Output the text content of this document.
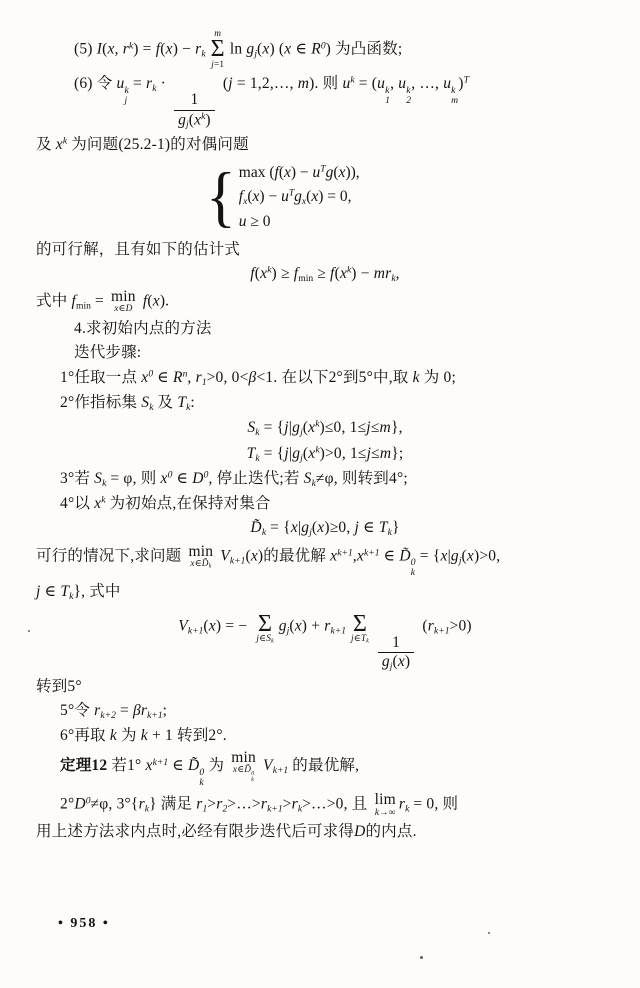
(5) I(x, $r^k) = f(x) - r_k$
m
Σ
j=1
$\ln g_j(x)$ (x ∈ $R^0$) 为凸函数;
(6) 令 u k
j
= $r_k$ ·
$\frac{1}{g_j(x^k)}$
(j = 1,2,…, m). 则 $u^k = (u$ k
1
, u k
2
, …, u k
m
)$^T$
及 $x^k$ 为问题(25.2-1)的对偶问题
{ $\max (f(x) - u^Tg(x))$,
$f_x(x) - u^Tg_x(x) = 0$,
u ≥ 0
的可行解，且有如下的估计式
$f(x^k) \ge f_{min} \ge f(x^k) - mr_k$,
式中 $f_{min} = \min$
x∈D f(x).
4.求初始内点的方法
迭代步骤:
1°任取一点 $x^0$ ∈ $R^n$, $r_1>0$, 0<β<1. 在以下2°到5°中,取 k 为 0;
2°作指标集 $S_k$ 及 $T_k$:
$S_k = \{j|g_j(x^k)\le 0$, 1≤j≤m},
$T_k = \{j|g_j(x^k)>0$, 1≤j≤m};
3°若 $S_k = \varphi$, 则 $x^0$ ∈ $D^0$, 停止迭代;若 $S_k\ne\varphi$, 则转到4°;
4°以 $x^k$ 为初始点,在保持对集合
$D̃_k = \{x|g_j(x)\ge 0$, j ∈ $T_k$}
可行的情况下,求问题 min
$x\in D̃_k$
$V_{k+1}(x)$的最优解 $x^{k+1},x^{k+1}$ ∈ D̃ 0
k
= {$x|g_j(x)>0$,
j ∈ $T_k$}, 式中
$V_{k+1}(x)$ = − Σ
$j\in S_k$
$g_j(x) + r_{k+1}$ Σ
$j\in T_k \frac{1}{g_j(x)}$
$(r_{k+1}>0)$
转到5°
5°令 $r_{k+2} = \beta r_{k+1}$;
6°再取 k 为 k + 1 转到2°.
定理12 若1° $x^{k+1}$ ∈ D̃ 0
k
为 min
x∈D̃ 0
k
$V_{k+1}$ 的最优解,
$2^\circ D^0\ne\varphi$, $3^\circ\{r_k\}$ 满足 $r_1>r_2>\dots>r_{k+1}>r_k>\dots>0$, 且 lim
k→∞ $r_k = 0$, 则
用上述方法求内点时,必经有限步迭代后可求得D的内点.
• 958 •
